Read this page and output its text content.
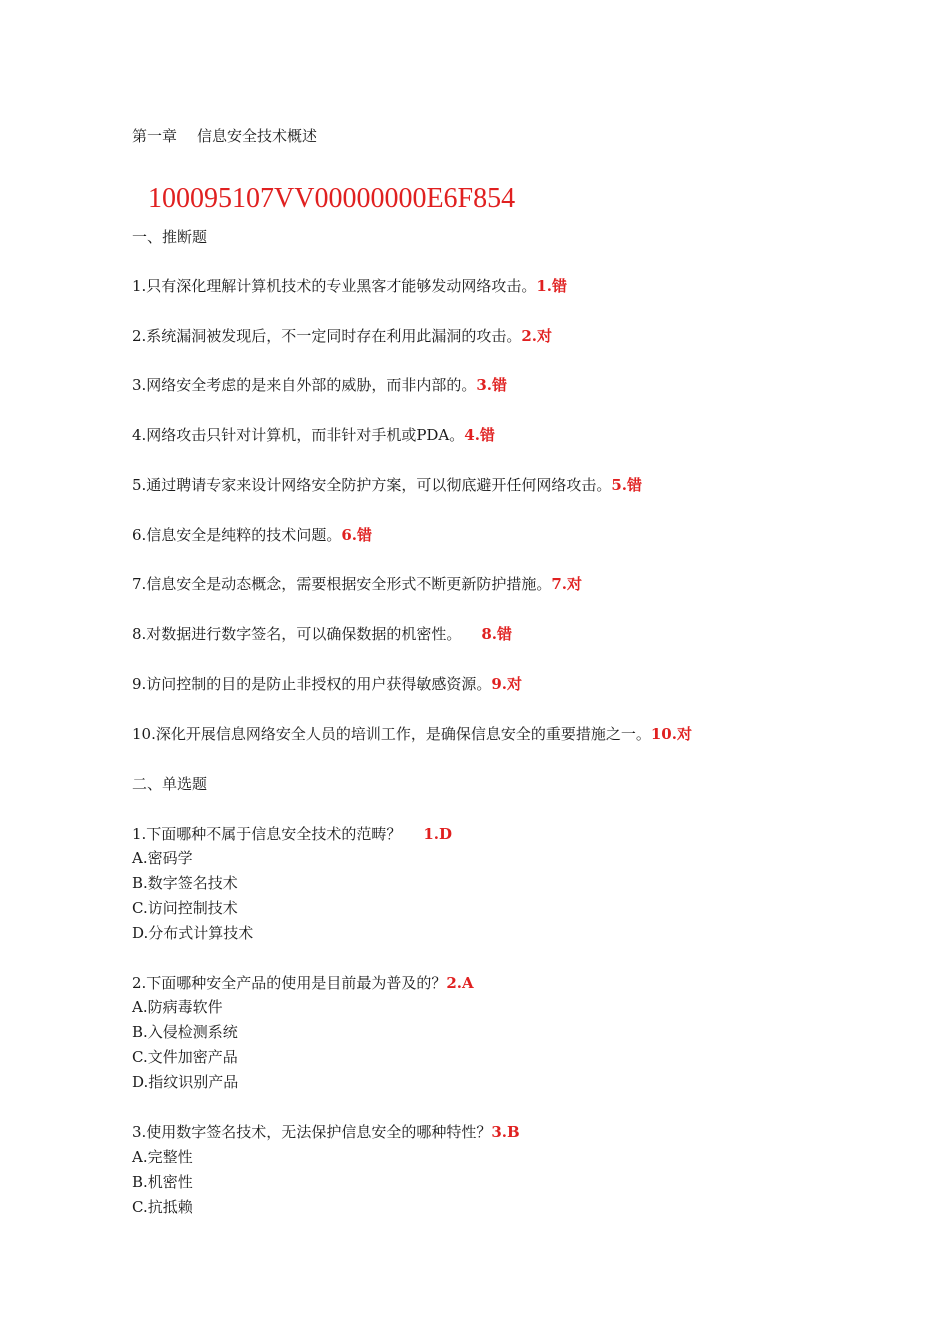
第一章 信息安全技术概述
100095107VV00000000E6F854
一、推断题
1.只有深化理解计算机技术的专业黑客才能够发动网络攻击。1.错
2.系统漏洞被发现后，不一定同时存在利用此漏洞的攻击。2.对
3.网络安全考虑的是来自外部的威胁，而非内部的。3.错
4.网络攻击只针对计算机，而非针对手机或PDA。4.错
5.通过聘请专家来设计网络安全防护方案，可以彻底避开任何网络攻击。5.错
6.信息安全是纯粹的技术问题。6.错
7.信息安全是动态概念，需要根据安全形式不断更新防护措施。7.对
8.对数据进行数字签名，可以确保数据的机密性。 8.错
9.访问控制的目的是防止非授权的用户获得敏感资源。9.对
10.深化开展信息网络安全人员的培训工作，是确保信息安全的重要措施之一。10.对
二、单选题
1.下面哪种不属于信息安全技术的范畴？ 1.D
A.密码学
B.数字签名技术
C.访问控制技术
D.分布式计算技术
2.下面哪种安全产品的使用是目前最为普及的？2.A
A.防病毒软件
B.入侵检测系统
C.文件加密产品
D.指纹识别产品
3.使用数字签名技术，无法保护信息安全的哪种特性？3.B
A.完整性
B.机密性
C.抗抵赖
